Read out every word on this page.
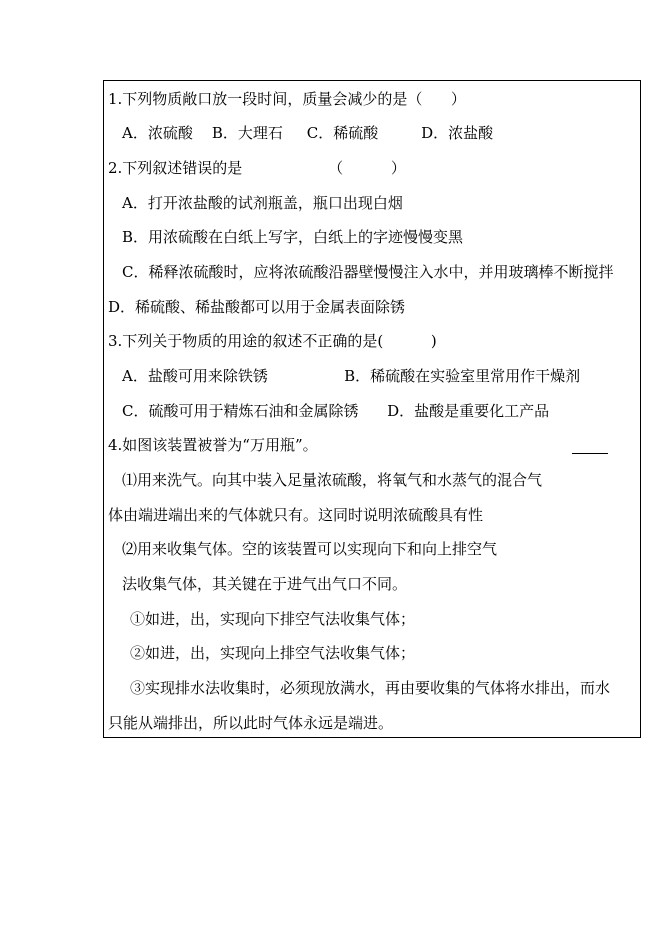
1.下列物质敞口放一段时间，质量会减少的是（      ）
A．浓硫酸    B．大理石     C．稀硫酸         D．浓盐酸
2.下列叙述错误的是                  （          ）
A．打开浓盐酸的试剂瓶盖，瓶口出现白烟
B．用浓硫酸在白纸上写字，白纸上的字迹慢慢变黑
C．稀释浓硫酸时，应将浓硫酸沿器壁慢慢注入水中，并用玻璃棒不断搅拌
D．稀硫酸、稀盐酸都可以用于金属表面除锈
3.下列关于物质的用途的叙述不正确的是(          )
A．盐酸可用来除铁锈                B．稀硫酸在实验室里常用作干燥剂
C．硫酸可用于精炼石油和金属除锈      D．盐酸是重要化工产品
4.如图该装置被誉为“万用瓶”。
⑴用来洗气。向其中装入足量浓硫酸，将氧气和水蒸气的混合气
体由端进端出来的气体就只有。这同时说明浓硫酸具有性
⑵用来收集气体。空的该装置可以实现向下和向上排空气
法收集气体，其关键在于进气出气口不同。
①如进，出，实现向下排空气法收集气体；
②如进，出，实现向上排空气法收集气体；
③实现排水法收集时，必须现放满水，再由要收集的气体将水排出，而水
只能从端排出，所以此时气体永远是端进。
